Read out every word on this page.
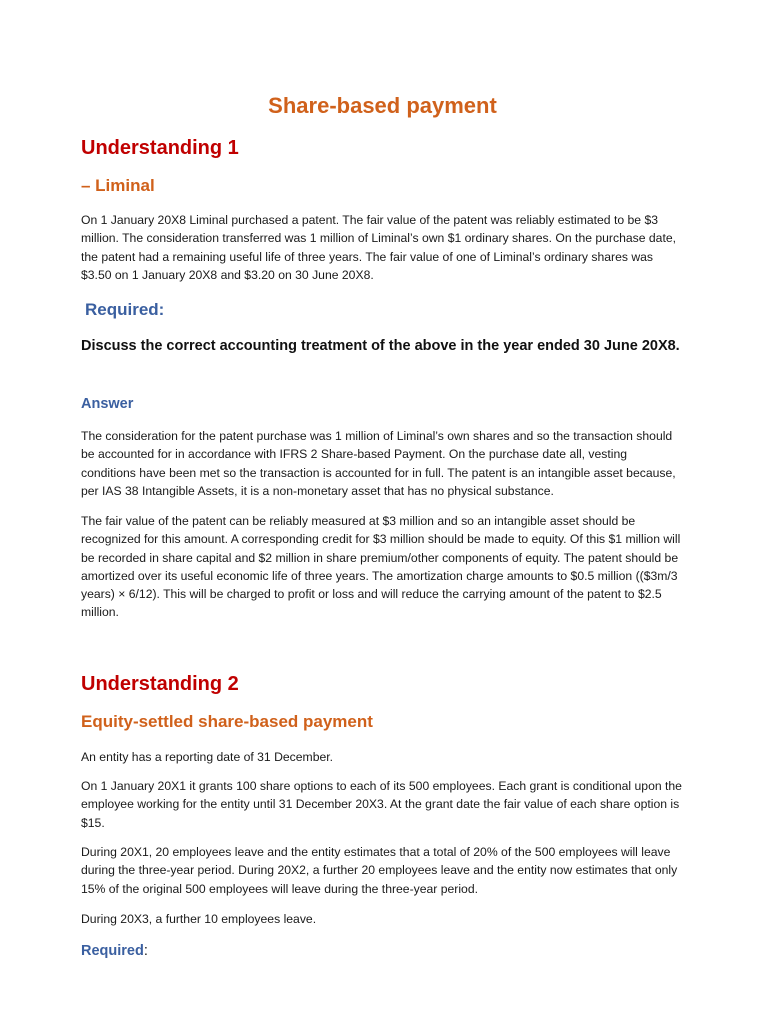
Share-based payment
Understanding 1
– Liminal

On 1 January 20X8 Liminal purchased a patent. The fair value of the patent was reliably estimated to be $3 million. The consideration transferred was 1 million of Liminal’s own $1 ordinary shares. On the purchase date, the patent had a remaining useful life of three years. The fair value of one of Liminal’s ordinary shares was $3.50 on 1 January 20X8 and $3.20 on 30 June 20X8.

Required:

Discuss the correct accounting treatment of the above in the year ended 30 June 20X8.

Answer

The consideration for the patent purchase was 1 million of Liminal’s own shares and so the transaction should be accounted for in accordance with IFRS 2 Share-based Payment. On the purchase date all, vesting conditions have been met so the transaction is accounted for in full. The patent is an intangible asset because, per IAS 38 Intangible Assets, it is a non-monetary asset that has no physical substance.

The fair value of the patent can be reliably measured at $3 million and so an intangible asset should be recognized for this amount. A corresponding credit for $3 million should be made to equity. Of this $1 million will be recorded in share capital and $2 million in share premium/other components of equity. The patent should be amortized over its useful economic life of three years. The amortization charge amounts to $0.5 million (($3m/3 years) × 6/12). This will be charged to profit or loss and will reduce the carrying amount of the patent to $2.5 million.

Understanding 2
Equity-settled share-based payment

An entity has a reporting date of 31 December.

On 1 January 20X1 it grants 100 share options to each of its 500 employees. Each grant is conditional upon the employee working for the entity until 31 December 20X3. At the grant date the fair value of each share option is $15.

During 20X1, 20 employees leave and the entity estimates that a total of 20% of the 500 employees will leave during the three-year period. During 20X2, a further 20 employees leave and the entity now estimates that only 15% of the original 500 employees will leave during the three-year period.

During 20X3, a further 10 employees leave.

Required:
